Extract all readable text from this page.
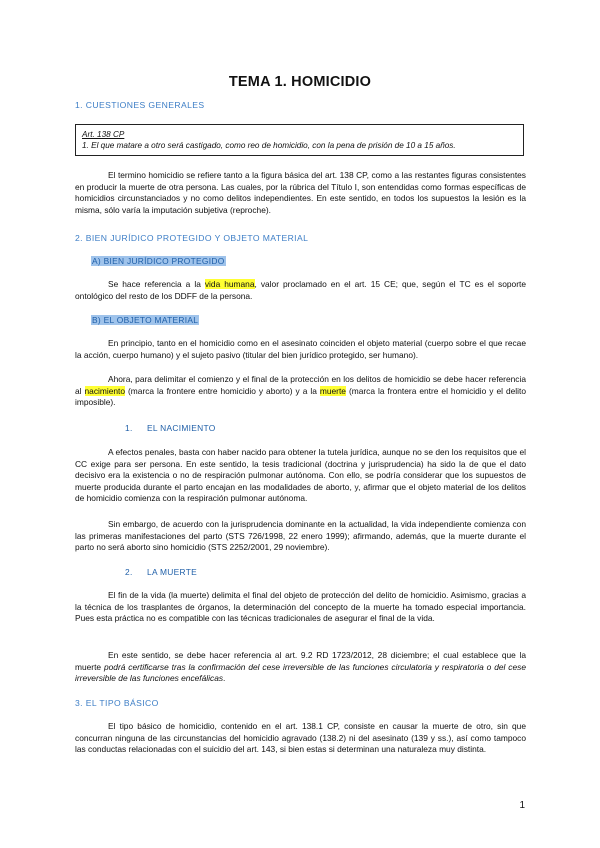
TEMA 1. HOMICIDIO
1. CUESTIONES GENERALES
Art. 138 CP
1. El que matare a otro será castigado, como reo de homicidio, con la pena de prisión de 10 a 15 años.
El termino homicidio se refiere tanto a la figura básica del art. 138 CP, como a las restantes figuras consistentes en producir la muerte de otra persona. Las cuales, por la rúbrica del Título I, son entendidas como formas específicas de homicidios circunstanciados y no como delitos independientes. En este sentido, en todos los supuestos la lesión es la misma, sólo varía la imputación subjetiva (reproche).
2. BIEN JURÍDICO PROTEGIDO Y OBJETO MATERIAL
A) BIEN JURÍDICO PROTEGIDO
Se hace referencia a la vida humana, valor proclamado en el art. 15 CE; que, según el TC es el soporte ontológico del resto de los DDFF de la persona.
B) EL OBJETO MATERIAL
En principio, tanto en el homicidio como en el asesinato coinciden el objeto material (cuerpo sobre el que recae la acción, cuerpo humano) y el sujeto pasivo (titular del bien jurídico protegido, ser humano).
Ahora, para delimitar el comienzo y el final de la protección en los delitos de homicidio se debe hacer referencia al nacimiento (marca la frontere entre homicidio y aborto) y a la muerte (marca la frontera entre el homicidio y el delito imposible).
1. EL NACIMIENTO
A efectos penales, basta con haber nacido para obtener la tutela jurídica, aunque no se den los requisitos que el CC exige para ser persona. En este sentido, la tesis tradicional (doctrina y jurisprudencia) ha sido la de que el dato decisivo era la existencia o no de respiración pulmonar autónoma. Con ello, se podría considerar que los supuestos de muerte producida durante el parto encajan en las modalidades de aborto, y, afirmar que el objeto material de los delitos de homicidio comienza con la respiración pulmonar autónoma.
Sin embargo, de acuerdo con la jurisprudencia dominante en la actualidad, la vida independiente comienza con las primeras manifestaciones del parto (STS 726/1998, 22 enero 1999); afirmando, además, que la muerte durante el parto no será aborto sino homicidio (STS 2252/2001, 29 noviembre).
2. LA MUERTE
El fin de la vida (la muerte) delimita el final del objeto de protección del delito de homicidio. Asimismo, gracias a la técnica de los trasplantes de órganos, la determinación del concepto de la muerte ha tomado especial importancia. Pues esta práctica no es compatible con las técnicas tradicionales de asegurar el final de la vida.
En este sentido, se debe hacer referencia al art. 9.2 RD 1723/2012, 28 diciembre; el cual establece que la muerte podrá certificarse tras la confirmación del cese irreversible de las funciones circulatoria y respiratoria o del cese irreversible de las funciones encefálicas.
3. EL TIPO BÁSICO
El tipo básico de homicidio, contenido en el art. 138.1 CP, consiste en causar la muerte de otro, sin que concurran ninguna de las circunstancias del homicidio agravado (138.2) ni del asesinato (139 y ss.), así como tampoco las conductas relacionadas con el suicidio del art. 143, si bien estas si determinan una naturaleza muy distinta.
1
